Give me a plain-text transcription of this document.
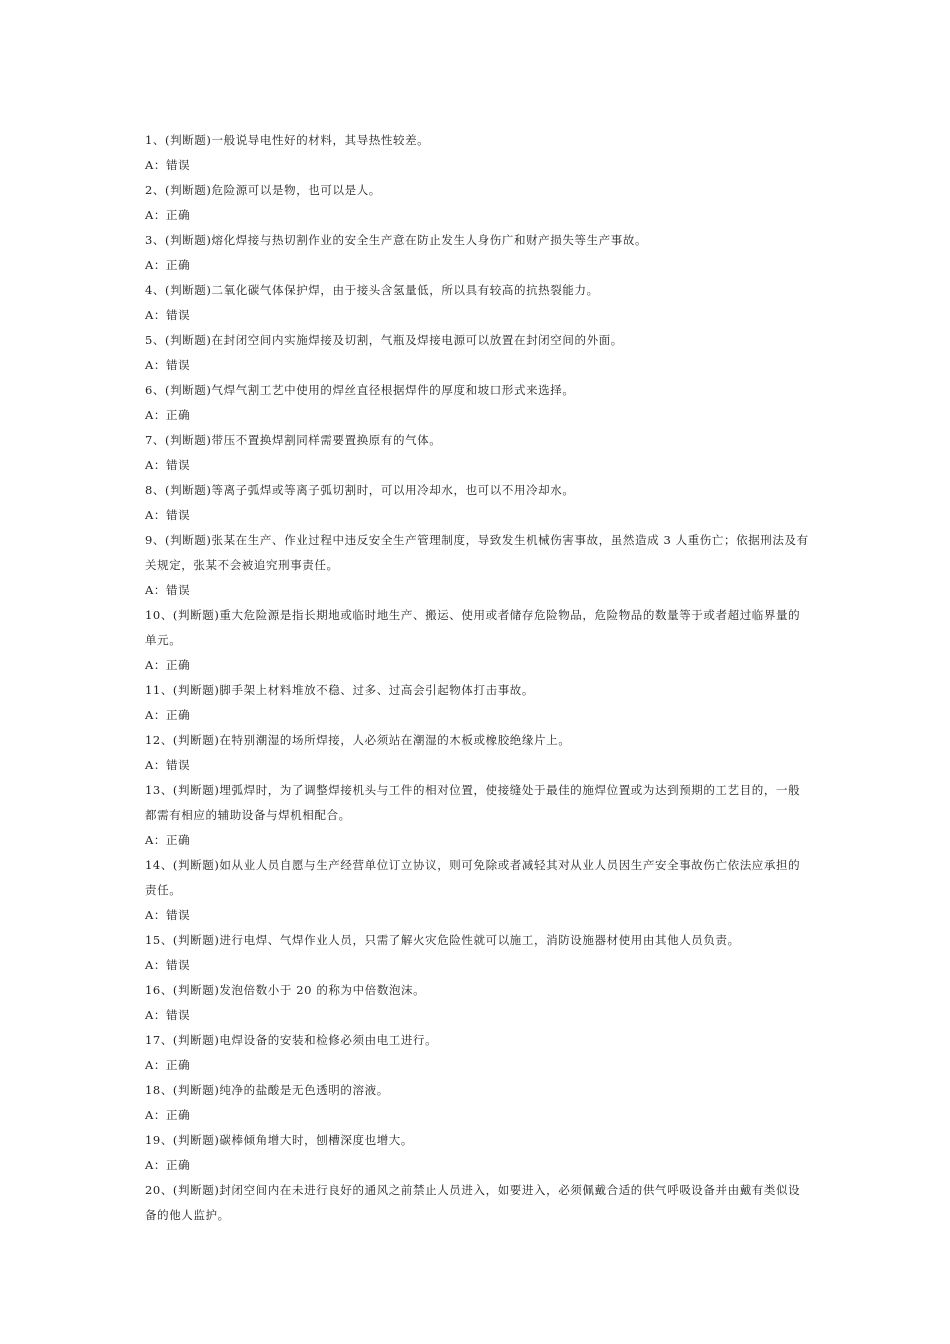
1、(判断题)一般说导电性好的材料，其导热性较差。

A：错误

2、(判断题)危险源可以是物，也可以是人。

A：正确

3、(判断题)熔化焊接与热切割作业的安全生产意在防止发生人身伤广和财产损失等生产事故。

A：正确

4、(判断题)二氧化碳气体保护焊，由于接头含氢量低，所以具有较高的抗热裂能力。

A：错误

5、(判断题)在封闭空间内实施焊接及切割，气瓶及焊接电源可以放置在封闭空间的外面。

A：错误

6、(判断题)气焊气割工艺中使用的焊丝直径根据焊件的厚度和坡口形式来选择。

A：正确

7、(判断题)带压不置换焊割同样需要置换原有的气体。

A：错误

8、(判断题)等离子弧焊或等离子弧切割时，可以用冷却水，也可以不用冷却水。

A：错误

9、(判断题)张某在生产、作业过程中违反安全生产管理制度，导致发生机械伤害事故，虽然造成 3 人重伤亡；依据刑法及有关规定，张某不会被追究刑事责任。

A：错误

10、(判断题)重大危险源是指长期地或临时地生产、搬运、使用或者储存危险物品，危险物品的数量等于或者超过临界量的单元。

A：正确

11、(判断题)脚手架上材料堆放不稳、过多、过高会引起物体打击事故。

A：正确

12、(判断题)在特别潮湿的场所焊接，人必须站在潮湿的木板或橡胶绝缘片上。

A：错误

13、(判断题)埋弧焊时，为了调整焊接机头与工件的相对位置，使接缝处于最佳的施焊位置或为达到预期的工艺目的，一般都需有相应的辅助设备与焊机相配合。

A：正确

14、(判断题)如从业人员自愿与生产经营单位订立协议，则可免除或者减轻其对从业人员因生产安全事故伤亡依法应承担的责任。

A：错误

15、(判断题)进行电焊、气焊作业人员，只需了解火灾危险性就可以施工，消防设施器材使用由其他人员负责。

A：错误

16、(判断题)发泡倍数小于 20 的称为中倍数泡沫。

A：错误

17、(判断题)电焊设备的安装和检修必须由电工进行。

A：正确

18、(判断题)纯净的盐酸是无色透明的溶液。

A：正确

19、(判断题)碳棒倾角增大时，刨槽深度也增大。

A：正确

20、(判断题)封闭空间内在未进行良好的通风之前禁止人员进入，如要进入，必须佩戴合适的供气呼吸设备并由戴有类似设备的他人监护。
